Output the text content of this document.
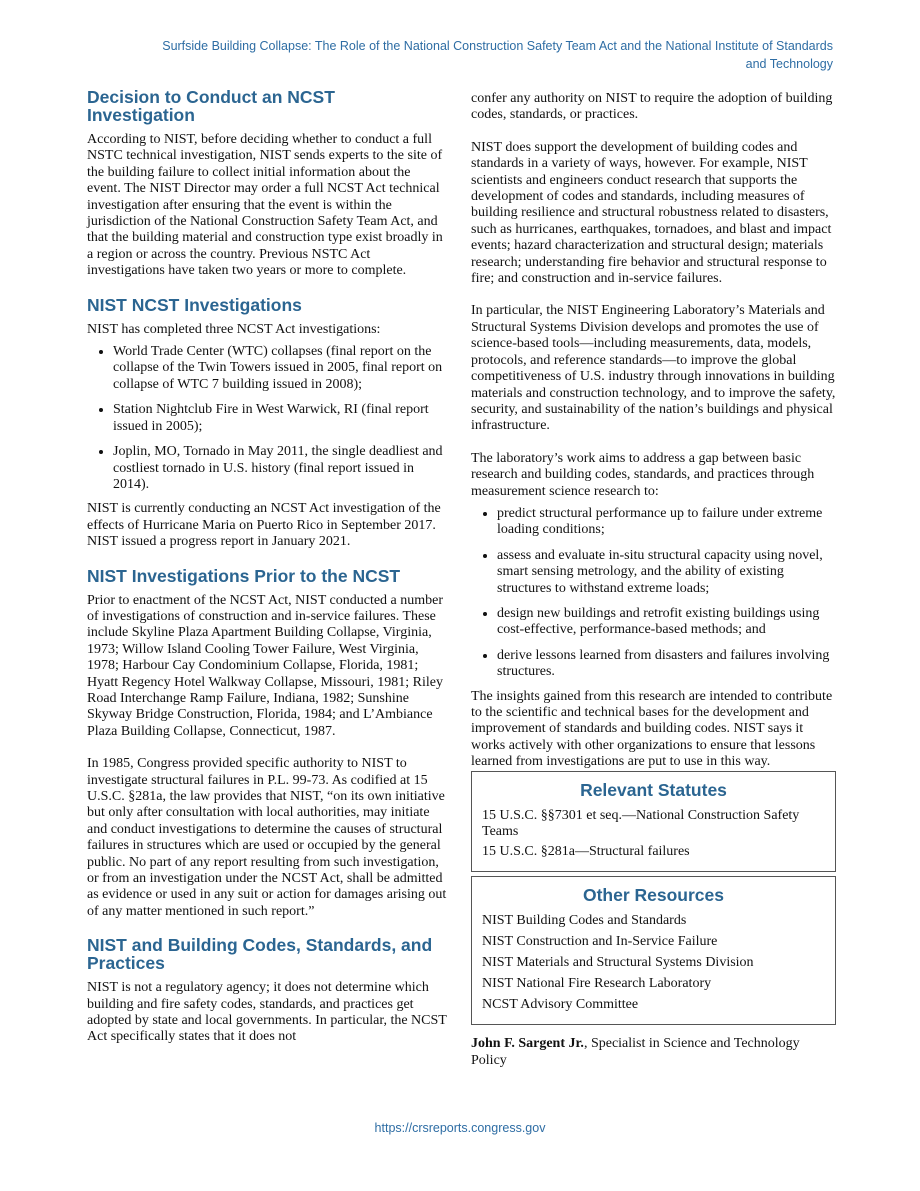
Surfside Building Collapse: The Role of the National Construction Safety Team Act and the National Institute of Standards
and Technology
Decision to Conduct an NCST Investigation

According to NIST, before deciding whether to conduct a full NSTC technical investigation, NIST sends experts to the site of the building failure to collect initial information about the event. The NIST Director may order a full NCST Act technical investigation after ensuring that the event is within the jurisdiction of the National Construction Safety Team Act, and that the building material and construction type exist broadly in a region or across the country. Previous NSTC Act investigations have taken two years or more to complete.

NIST NCST Investigations

NIST has completed three NCST Act investigations:

• World Trade Center (WTC) collapses (final report on the collapse of the Twin Towers issued in 2005, final report on collapse of WTC 7 building issued in 2008);
• Station Nightclub Fire in West Warwick, RI (final report issued in 2005);
• Joplin, MO, Tornado in May 2011, the single deadliest and costliest tornado in U.S. history (final report issued in 2014).

NIST is currently conducting an NCST Act investigation of the effects of Hurricane Maria on Puerto Rico in September 2017. NIST issued a progress report in January 2021.

NIST Investigations Prior to the NCST

Prior to enactment of the NCST Act, NIST conducted a number of investigations of construction and in-service failures. These include Skyline Plaza Apartment Building Collapse, Virginia, 1973; Willow Island Cooling Tower Failure, West Virginia, 1978; Harbour Cay Condominium Collapse, Florida, 1981; Hyatt Regency Hotel Walkway Collapse, Missouri, 1981; Riley Road Interchange Ramp Failure, Indiana, 1982; Sunshine Skyway Bridge Construction, Florida, 1984; and L’Ambiance Plaza Building Collapse, Connecticut, 1987.

In 1985, Congress provided specific authority to NIST to investigate structural failures in P.L. 99-73. As codified at 15 U.S.C. §281a, the law provides that NIST, “on its own initiative but only after consultation with local authorities, may initiate and conduct investigations to determine the causes of structural failures in structures which are used or occupied by the general public. No part of any report resulting from such investigation, or from an investigation under the NCST Act, shall be admitted as evidence or used in any suit or action for damages arising out of any matter mentioned in such report.”

NIST and Building Codes, Standards, and Practices

NIST is not a regulatory agency; it does not determine which building and fire safety codes, standards, and practices get adopted by state and local governments. In particular, the NCST Act specifically states that it does not

confer any authority on NIST to require the adoption of building codes, standards, or practices.

NIST does support the development of building codes and standards in a variety of ways, however. For example, NIST scientists and engineers conduct research that supports the development of codes and standards, including measures of building resilience and structural robustness related to disasters, such as hurricanes, earthquakes, tornadoes, and blast and impact events; hazard characterization and structural design; materials research; understanding fire behavior and structural response to fire; and construction and in-service failures.

In particular, the NIST Engineering Laboratory’s Materials and Structural Systems Division develops and promotes the use of science-based tools—including measurements, data, models, protocols, and reference standards—to improve the global competitiveness of U.S. industry through innovations in building materials and construction technology, and to improve the safety, security, and sustainability of the nation’s buildings and physical infrastructure.

The laboratory’s work aims to address a gap between basic research and building codes, standards, and practices through measurement science research to:

• predict structural performance up to failure under extreme loading conditions;
• assess and evaluate in-situ structural capacity using novel, smart sensing metrology, and the ability of existing structures to withstand extreme loads;
• design new buildings and retrofit existing buildings using cost-effective, performance-based methods; and
• derive lessons learned from disasters and failures involving structures.

The insights gained from this research are intended to contribute to the scientific and technical bases for the development and improvement of standards and building codes. NIST says it works actively with other organizations to ensure that lessons learned from investigations are put to use in this way.

Relevant Statutes
15 U.S.C. §§7301 et seq.—National Construction Safety Teams
15 U.S.C. §281a—Structural failures
Other Resources
NIST Building Codes and Standards
NIST Construction and In-Service Failure
NIST Materials and Structural Systems Division
NIST National Fire Research Laboratory
NCST Advisory Committee
John F. Sargent Jr., Specialist in Science and Technology Policy
https://crsreports.congress.gov
